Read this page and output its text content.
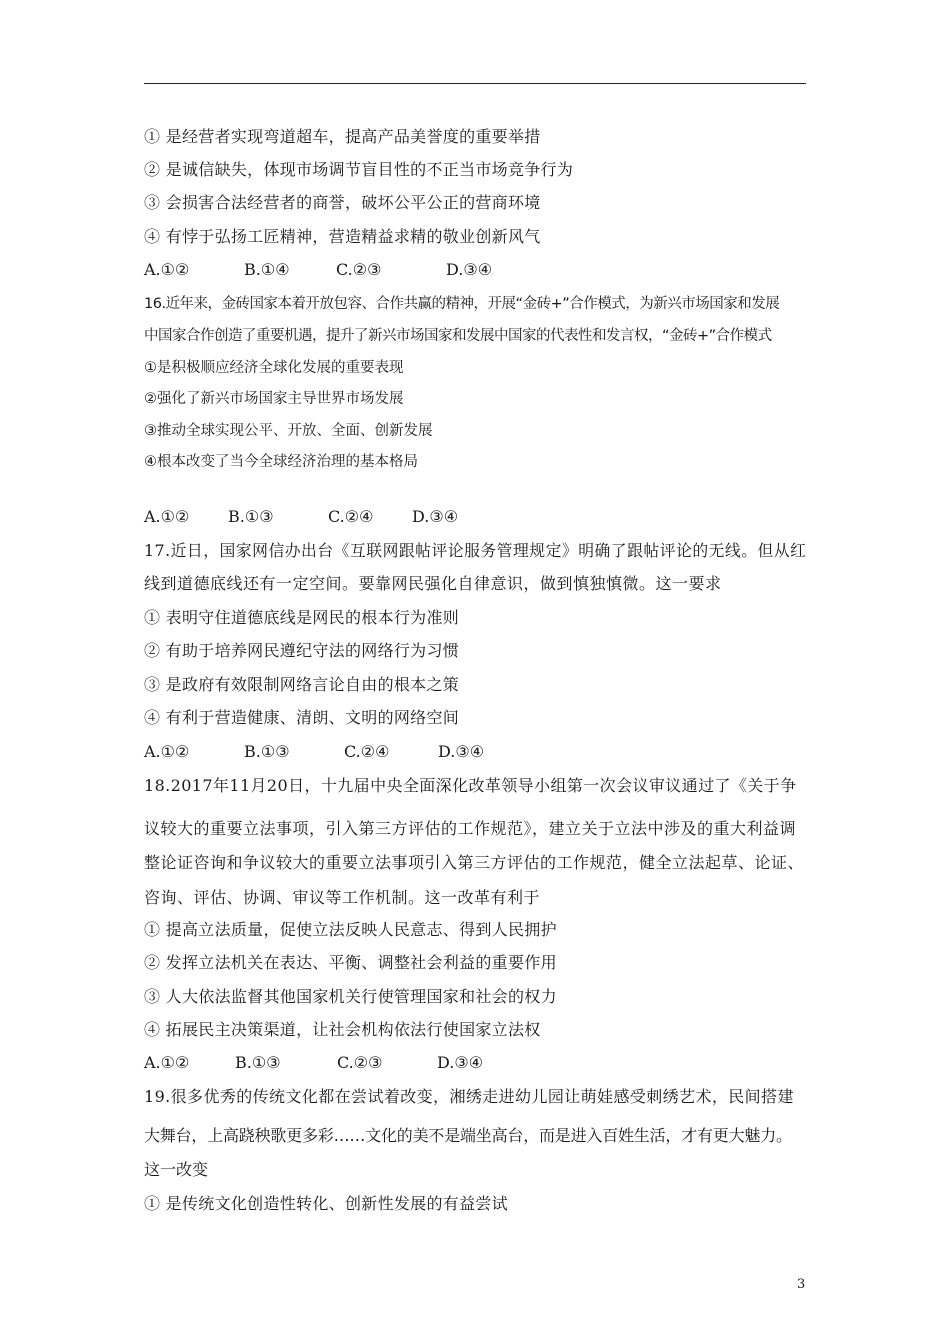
① 是经营者实现弯道超车，提高产品美誉度的重要举措
② 是诚信缺失，体现市场调节盲目性的不正当市场竞争行为
③ 会损害合法经营者的商誉，破坏公平公正的营商环境
④ 有悖于弘扬工匠精神，营造精益求精的敬业创新风气
A.①②	B.①④	C.②③	D.③④
16.近年来，金砖国家本着开放包容、合作共赢的精神，开展“金砖+”合作模式，为新兴市场国家和发展
中国家合作创造了重要机遇，提升了新兴市场国家和发展中国家的代表性和发言权，“金砖+”合作模式
①是积极顺应经济全球化发展的重要表现
②强化了新兴市场国家主导世界市场发展
③推动全球实现公平、开放、全面、创新发展
④根本改变了当今全球经济治理的基本格局
A.①② B.①③	C.②④ D.③④
17.近日，国家网信办出台《互联网跟帖评论服务管理规定》明确了跟帖评论的无线。但从红
线到道德底线还有一定空间。要靠网民强化自律意识，做到慎独慎微。这一要求
① 表明守住道德底线是网民的根本行为准则
② 有助于培养网民遵纪守法的网络行为习惯
③ 是政府有效限制网络言论自由的根本之策
④ 有利于营造健康、清朗、文明的网络空间
A.①②	B.①③	C.②④	D.③④
18.2017年11月20日，十九届中央全面深化改革领导小组第一次会议审议通过了《关于争
议较大的重要立法事项，引入第三方评估的工作规范》，建立关于立法中涉及的重大利益调
整论证咨询和争议较大的重要立法事项引入第三方评估的工作规范，健全立法起草、论证、
咨询、评估、协调、审议等工作机制。这一改革有利于
① 提高立法质量，促使立法反映人民意志、得到人民拥护
② 发挥立法机关在表达、平衡、调整社会利益的重要作用
③ 人大依法监督其他国家机关行使管理国家和社会的权力
④ 拓展民主决策渠道，让社会机构依法行使国家立法权
A.①②	B.①③	C.②③	D.③④
19.很多优秀的传统文化都在尝试着改变，湘绣走进幼儿园让萌娃感受刺绣艺术，民间搭建
大舞台，上高跷秧歌更多彩……文化的美不是端坐高台，而是进入百姓生活，才有更大魅力。
这一改变
① 是传统文化创造性转化、创新性发展的有益尝试
3
